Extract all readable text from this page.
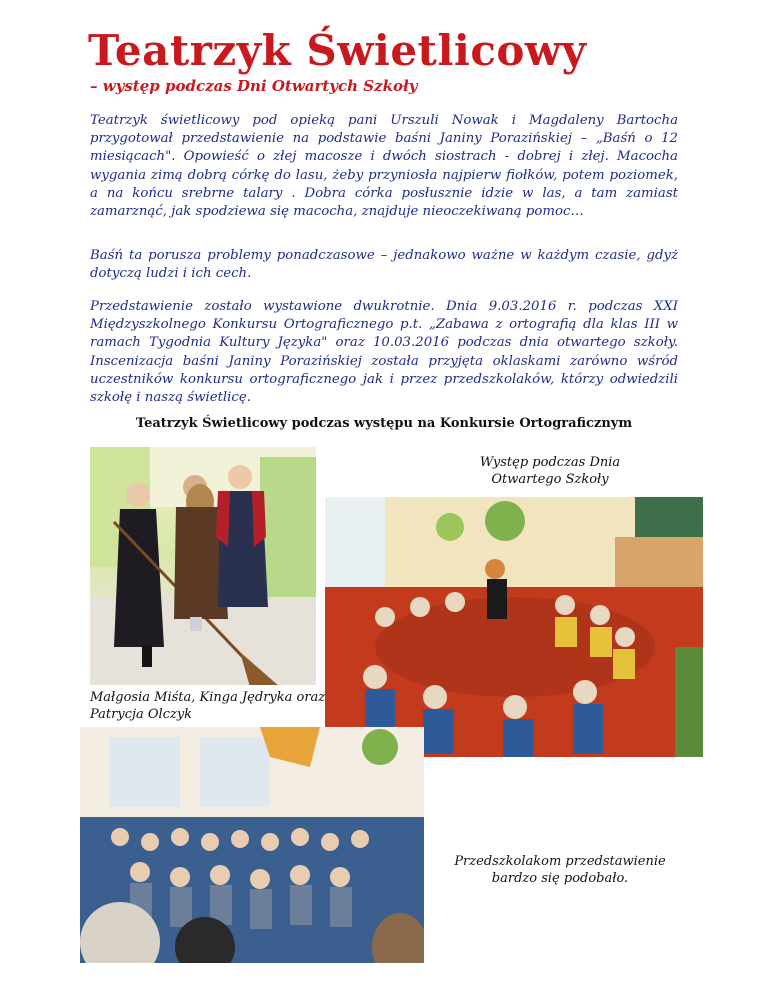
Teatrzyk Świetlicowy

– występ podczas Dni Otwartych Szkoły

Teatrzyk świetlicowy pod opieką pani Urszuli Nowak i Magdaleny Bartocha przygotował przedstawienie na podstawie baśni Janiny Porazińskiej – „Baśń o 12 miesiącach". Opowieść o złej macosze i dwóch siostrach - dobrej i złej. Macocha wygania zimą dobrą córkę do lasu, żeby przyniosła najpierw fiołków, potem poziomek, a na końcu srebrne talary . Dobra córka posłusznie idzie w las, a tam zamiast zamarznąć, jak spodziewa się macocha, znajduje nieoczekiwaną pomoc…

Baśń ta porusza problemy ponadczasowe – jednakowo ważne w każdym czasie, gdyż dotyczą ludzi i ich cech.

Przedstawienie zostało wystawione dwukrotnie. Dnia 9.03.2016 r. podczas XXI Międzyszkolnego Konkursu Ortograficznego p.t. „Zabawa z ortografią dla klas III w ramach Tygodnia Kultury Języka" oraz 10.03.2016 podczas dnia otwartego szkoły. Inscenizacja baśni Janiny Porazińskiej została przyjęta oklaskami zarówno wśród uczestników konkursu ortograficznego jak i przez przedszkolaków, którzy odwiedzili szkołę i naszą świetlicę.

Teatrzyk Świetlicowy podczas występu na Konkursie Ortograficznym

Występ podczas Dnia Otwartego Szkoły

Małgosia Miśta, Kinga Jędryka oraz Patrycja Olczyk

Przedszkolakom przedstawienie bardzo się podobało.
